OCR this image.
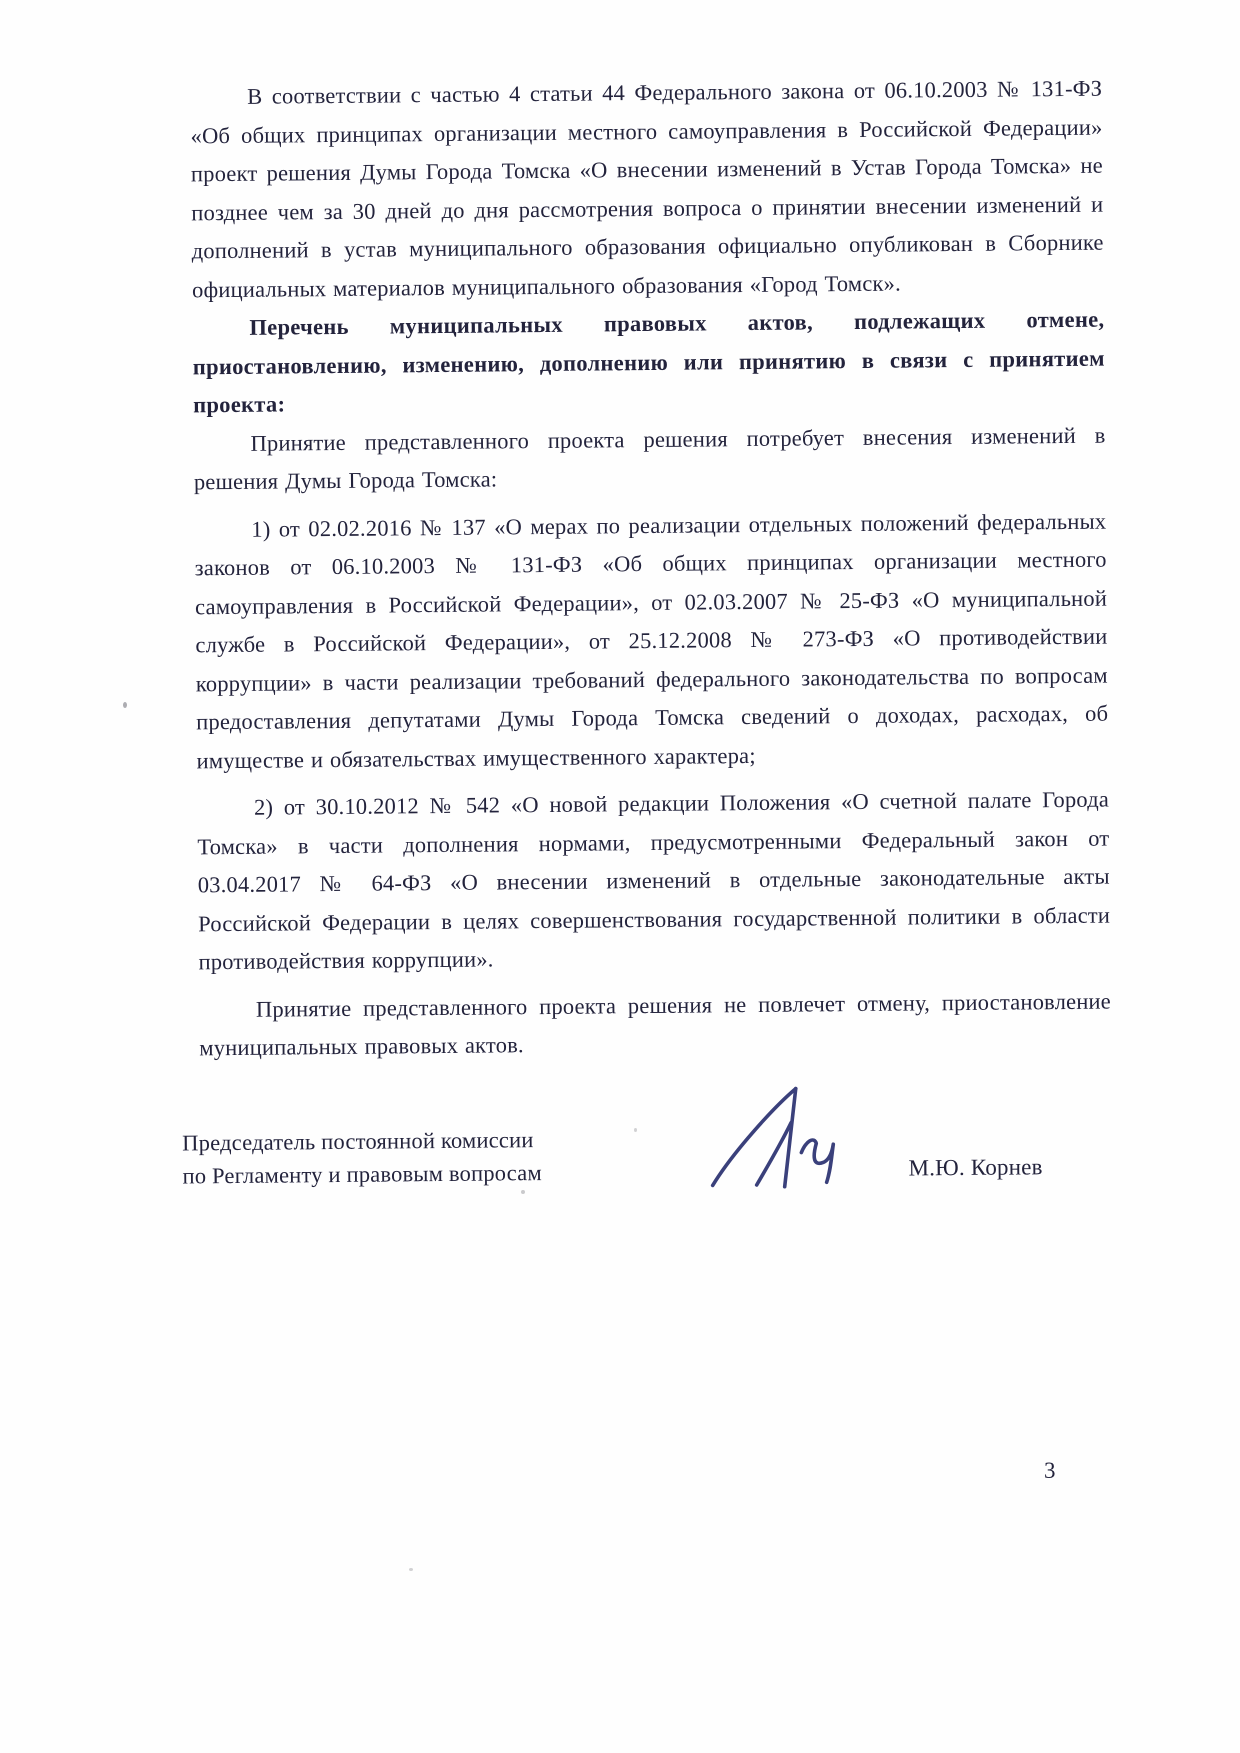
В соответствии с частью 4 статьи 44 Федерального закона от 06.10.2003 № 131-ФЗ «Об общих принципах организации местного самоуправления в Российской Федерации» проект решения Думы Города Томска «О внесении изменений в Устав Города Томска» не позднее чем за 30 дней до дня рассмотрения вопроса о принятии внесении изменений и дополнений в устав муниципального образования официально опубликован в Сборнике официальных материалов муниципального образования «Город Томск».

Перечень муниципальных правовых актов, подлежащих отмене, приостановлению, изменению, дополнению или принятию в связи с принятием проекта:

Принятие представленного проекта решения потребует внесения изменений в решения Думы Города Томска:

1) от 02.02.2016 № 137 «О мерах по реализации отдельных положений федеральных законов от 06.10.2003 № 131-ФЗ «Об общих принципах организации местного самоуправления в Российской Федерации», от 02.03.2007 № 25-ФЗ «О муниципальной службе в Российской Федерации», от 25.12.2008 № 273-ФЗ «О противодействии коррупции» в части реализации требований федерального законодательства по вопросам предоставления депутатами Думы Города Томска сведений о доходах, расходах, об имуществе и обязательствах имущественного характера;

2) от 30.10.2012 № 542 «О новой редакции Положения «О счетной палате Города Томска» в части дополнения нормами, предусмотренными Федеральный закон от 03.04.2017 № 64-ФЗ «О внесении изменений в отдельные законодательные акты Российской Федерации в целях совершенствования государственной политики в области противодействия коррупции».

Принятие представленного проекта решения не повлечет отмену, приостановление муниципальных правовых актов.

Председатель постоянной комиссии
по Регламенту и правовым вопросам	М.Ю. Корнев
3
